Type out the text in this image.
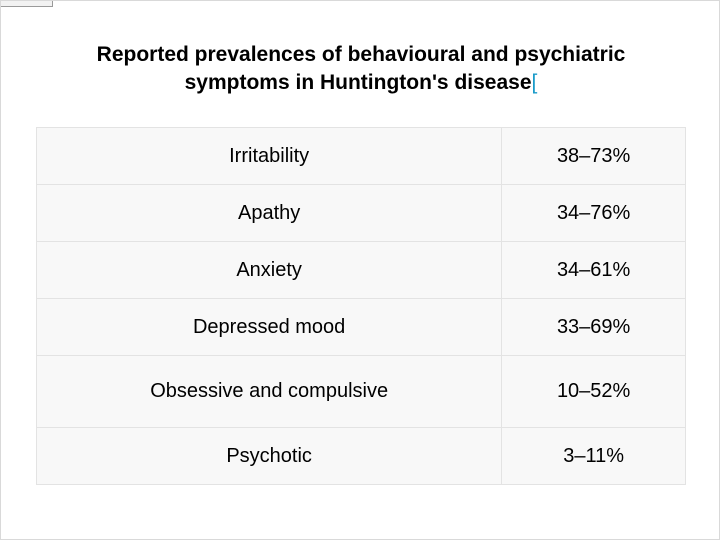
Reported prevalences of behavioural and psychiatric
symptoms in Huntington's disease[
Irritability	38–73%
Apathy	34–76%
Anxiety	34–61%
Depressed mood	33–69%
Obsessive and compulsive	10–52%
Psychotic	3–11%
